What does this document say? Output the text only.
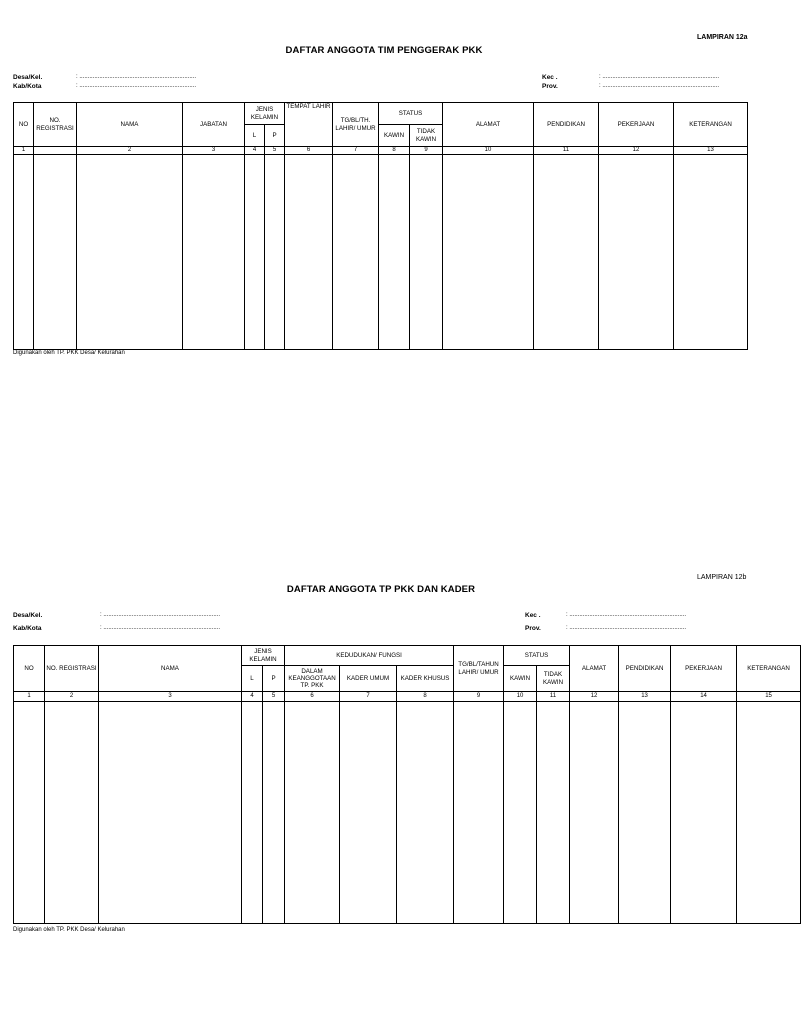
LAMPIRAN 12a
DAFTAR ANGGOTA TIM PENGGERAK PKK
Desa/Kel.	: ......................................................................
Kab/Kota	: ......................................................................
Kec .	: ......................................................................
Prov.	: ......................................................................
NO	NO. REGISTRASI	NAMA	JABATAN	JENIS KELAMIN		TEMPAT LAHIR	TG/BL/TH. LAHIR/ UMUR	STATUS		ALAMAT	PENDIDIKAN	PEKERJAAN	KETERANGAN
				L	P			KAWIN	TIDAK KAWIN				
1		2	3	4	5	6	7	8	9	10	11	12	13

Digunakan oleh TP. PKK Desa/ Kelurahan
LAMPIRAN 12b
DAFTAR ANGGOTA TP PKK DAN KADER
Desa/Kel.	: ......................................................................
Kab/Kota	: ......................................................................
Kec .	: ......................................................................
Prov.	: ......................................................................
NO	NO. REGISTRASI	NAMA	JENIS KELAMIN		KEDUDUKAN/ FUNGSI			TG/BL/TAHUN LAHIR/ UMUR	STATUS		ALAMAT	PENDIDIKAN	PEKERJAAN	KETERANGAN
			L	P	DALAM KEANGGOTAAN TP. PKK	KADER UMUM	KADER KHUSUS		KAWIN	TIDAK KAWIN				
1	2	3	4	5	6	7	8	9	10	11	12	13	14	15

Digunakan oleh TP. PKK Desa/ Kelurahan
